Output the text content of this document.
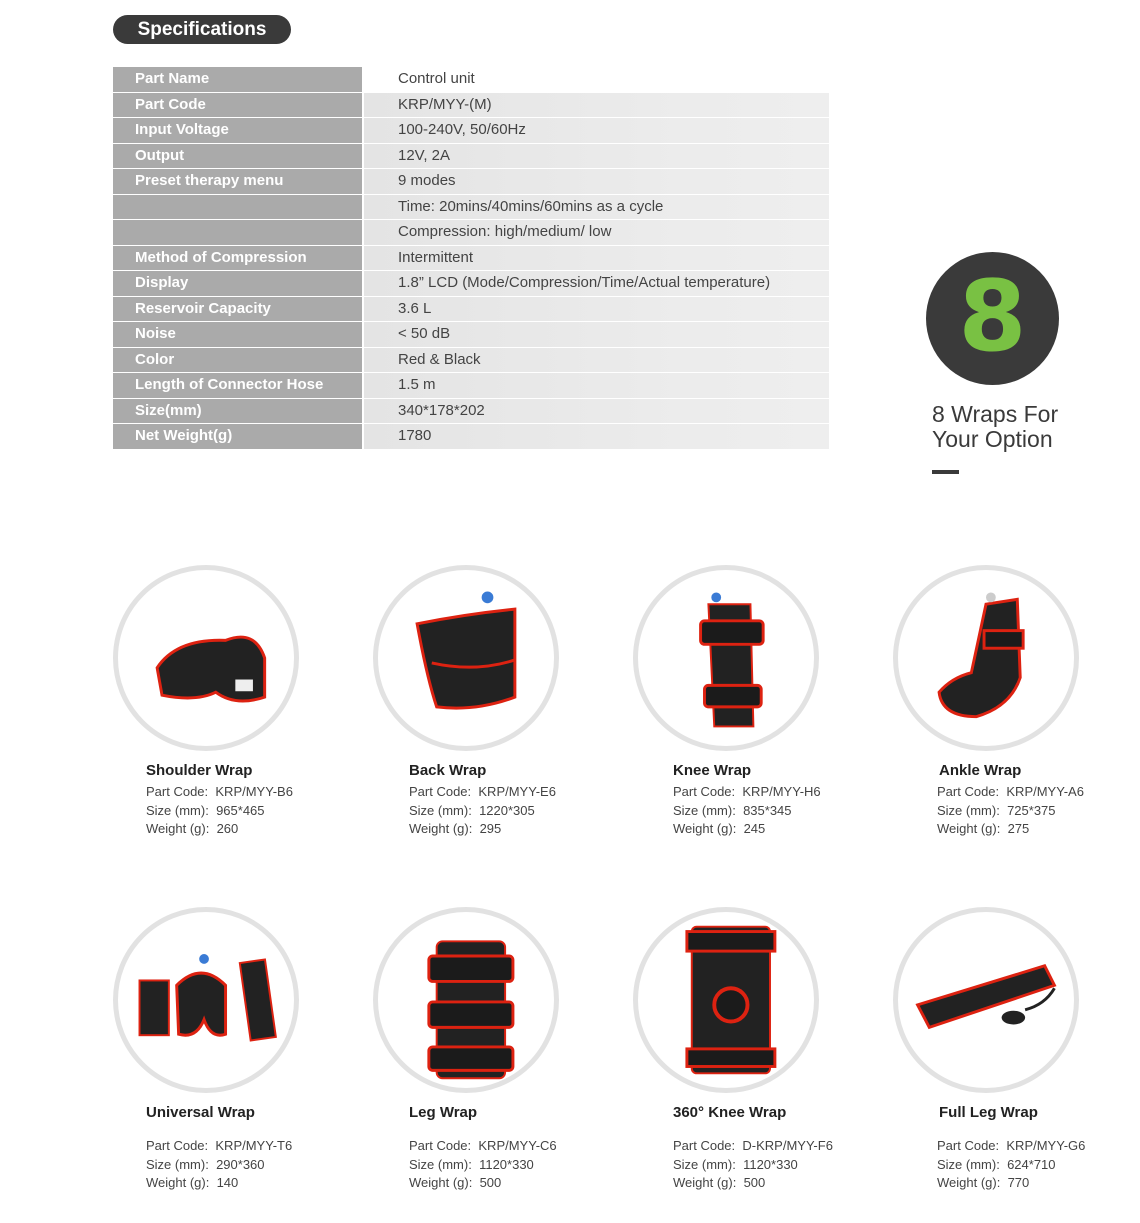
Specifications
Part Name	Control unit
Part Code	KRP/MYY-(M)
Input Voltage	100-240V, 50/60Hz
Output	12V, 2A
Preset therapy menu	9 modes
	Time: 20mins/40mins/60mins as a cycle
	Compression: high/medium/ low
Method of Compression	Intermittent
Display	1.8” LCD (Mode/Compression/Time/Actual temperature)
Reservoir Capacity	3.6 L
Noise	< 50 dB
Color	Red & Black
Length of Connector Hose	1.5 m
Size(mm)	340*178*202
Net Weight(g)	1780
8
8 Wraps For
Your Option
Shoulder Wrap
Part Code: KRP/MYY-B6
Size (mm): 965*465
Weight (g): 260
Back Wrap
Part Code: KRP/MYY-E6
Size (mm): 1220*305
Weight (g): 295
Knee Wrap
Part Code: KRP/MYY-H6
Size (mm): 835*345
Weight (g): 245
Ankle Wrap
Part Code: KRP/MYY-A6
Size (mm): 725*375
Weight (g): 275
Universal Wrap
Part Code: KRP/MYY-T6
Size (mm): 290*360
Weight (g): 140
Leg Wrap
Part Code: KRP/MYY-C6
Size (mm): 1120*330
Weight (g): 500
360° Knee Wrap
Part Code: D-KRP/MYY-F6
Size (mm): 1120*330
Weight (g): 500
Full Leg Wrap
Part Code: KRP/MYY-G6
Size (mm): 624*710
Weight (g): 770
